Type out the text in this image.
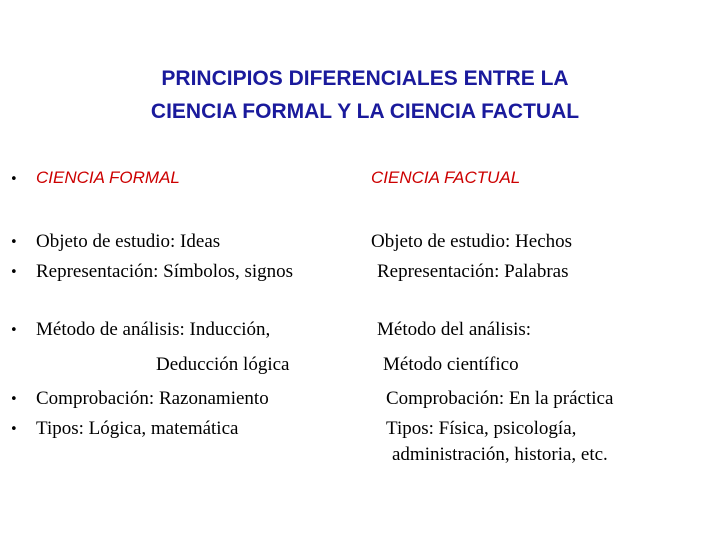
PRINCIPIOS DIFERENCIALES ENTRE LA
CIENCIA FORMAL Y LA CIENCIA FACTUAL
• CIENCIA FORMAL	CIENCIA FACTUAL
• Objeto de estudio: Ideas	Objeto de estudio: Hechos
• Representación: Símbolos, signos	Representación: Palabras
• Método de análisis: Inducción,	Método del análisis:
Deducción lógica	Método científico
• Comprobación: Razonamiento	Comprobación: En la práctica
• Tipos: Lógica, matemática	Tipos: Física, psicología,
administración, historia, etc.
